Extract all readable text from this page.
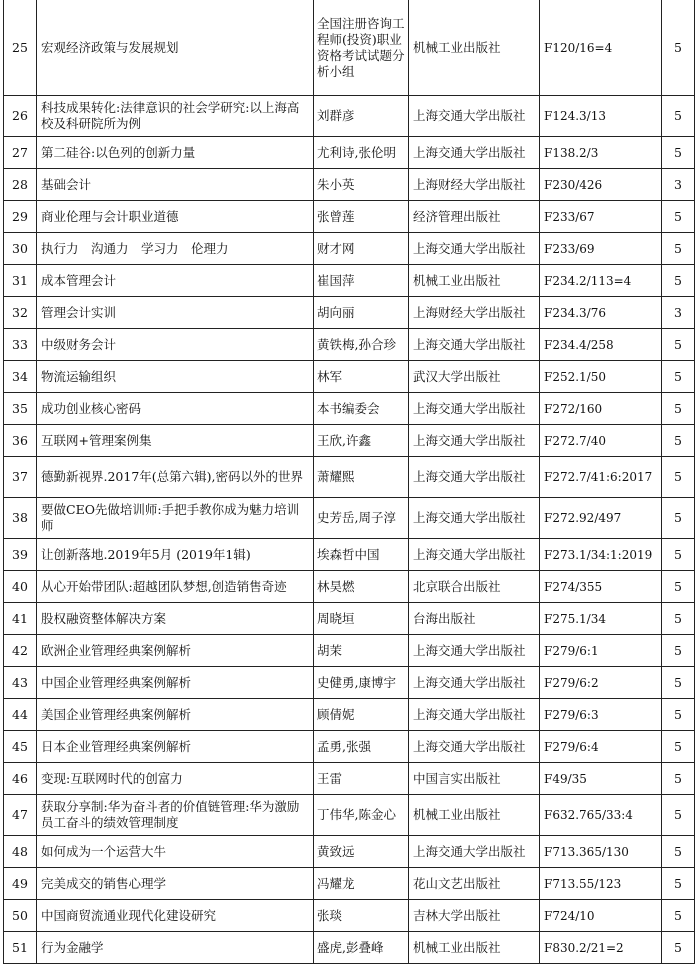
25	宏观经济政策与发展规划	全国注册咨询工程师(投资)职业资格考试试题分析小组	机械工业出版社	F120/16=4	5
26	科技成果转化:法律意识的社会学研究:以上海高校及科研院所为例	刘群彦	上海交通大学出版社	F124.3/13	5
27	第二硅谷:以色列的创新力量	尤利诗,张伦明	上海交通大学出版社	F138.2/3	5
28	基础会计	朱小英	上海财经大学出版社	F230/426	3
29	商业伦理与会计职业道德	张曾莲	经济管理出版社	F233/67	5
30	执行力　沟通力　学习力　伦理力	财才网	上海交通大学出版社	F233/69	5
31	成本管理会计	崔国萍	机械工业出版社	F234.2/113=4	5
32	管理会计实训	胡向丽	上海财经大学出版社	F234.3/76	3
33	中级财务会计	黄铁梅,孙合珍	上海交通大学出版社	F234.4/258	5
34	物流运输组织	林军	武汉大学出版社	F252.1/50	5
35	成功创业核心密码	本书编委会	上海交通大学出版社	F272/160	5
36	互联网+管理案例集	王欣,许鑫	上海交通大学出版社	F272.7/40	5
37	德勤新视界.2017年(总第六辑),密码以外的世界	萧耀熙	上海交通大学出版社	F272.7/41:6:2017	5
38	要做CEO先做培训师:手把手教你成为魅力培训师	史芳岳,周子淳	上海交通大学出版社	F272.92/497	5
39	让创新落地.2019年5月 (2019年1辑)	埃森哲中国	上海交通大学出版社	F273.1/34:1:2019	5
40	从心开始带团队:超越团队梦想,创造销售奇迹	林昊燃	北京联合出版社	F274/355	5
41	股权融资整体解决方案	周晓垣	台海出版社	F275.1/34	5
42	欧洲企业管理经典案例解析	胡茉	上海交通大学出版社	F279/6:1	5
43	中国企业管理经典案例解析	史健勇,康博宇	上海交通大学出版社	F279/6:2	5
44	美国企业管理经典案例解析	顾倩妮	上海交通大学出版社	F279/6:3	5
45	日本企业管理经典案例解析	孟勇,张强	上海交通大学出版社	F279/6:4	5
46	变现:互联网时代的创富力	王雷	中国言实出版社	F49/35	5
47	获取分享制:华为奋斗者的价值链管理:华为激励员工奋斗的绩效管理制度	丁伟华,陈金心	机械工业出版社	F632.765/33:4	5
48	如何成为一个运营大牛	黄致远	上海交通大学出版社	F713.365/130	5
49	完美成交的销售心理学	冯耀龙	花山文艺出版社	F713.55/123	5
50	中国商贸流通业现代化建设研究	张琰	吉林大学出版社	F724/10	5
51	行为金融学	盛虎,彭叠峰	机械工业出版社	F830.2/21=2	5
